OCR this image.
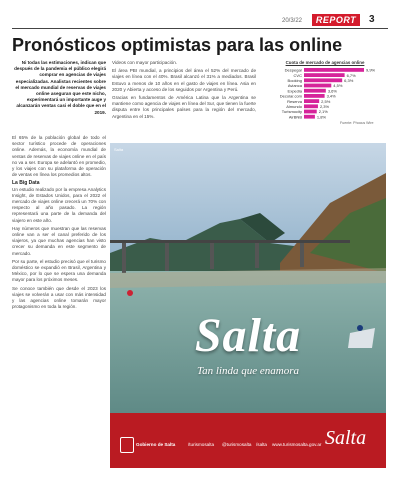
20/3/22	REPORT	3
Pronósticos optimistas para las online
Ni todas las estimaciones, indican que después de la pandemia el público elegirá comprar en agencias de viajes especializadas. Analistas recientes sobre el mercado mundial de reservas de viajes online aseguran que este nicho, experimentará un importante auge y alcanzarán ventas casi el doble que en el 2019.

Videos con mayor participación.

El área PBI mundial, a principios del área el 52% del mercado de viajes en línea con el 40%. Brasil alcanzó el 31% a mediados. Brasil Estuvo a menos de 10 años en el gasto de viajes en línea. Asia en 2020 y Abierta y acceso de los seguidos por Argentina y Perú.

Gracias en fundamentos de América Latina que la Argentina se mantiene como agencia de viajes en línea del Sur, que tienen la fuerte disputa entre los principales países para la región del mercado, Argentina en el 15%.

Cuota de mercado de agencias online
Despegar	9,9%
CVC	6,7%
Booking	6,3%
Avianca	4,5%
Expedia	3,6%
Decolar.com	3,4%
Reserva	2,5%
Almundo	2,3%
Turismocity	2,1%
AirBNB	1,8%
Fuente: Phocus Wire

El 65% de la población global de todo el sector turístico procede de operaciones online. Además, la economía mundial de ventas de reservas de viajes online en el país no va a ser. Europa se adelantó en promedio, y los viajes con su plataforma de operación de ventas en línea los promedios altos.

La Big Data

Un estudio realizado por la empresa Analytics Insight, de Estados Unidos, para el 2022 el mercado de viajes online crecerá un 70% con respecto al año pasado. La región representará una parte de la demanda del viajero en este año.

Hay números que muestran que las reservas online van a ser el canal preferido de los viajeros, ya que muchas agencias han visto crecer su demanda en este segmento de mercado.

Por su parte, el estudio precisó que el turismo doméstico se expandió en Brasil, Argentina y México, por lo que se espera una demanda mayor para los próximos meses.

Se conoce también que desde el 2023 los viajes se volverán a usar con más intensidad y las agencias online tomarán mayor protagonismo en toda la región.

Salta
Salta
Tan linda que enamora
Gobierno de Salta	/turismosalta @turismosalta /salta www.turismosalta.gov.ar Salta
